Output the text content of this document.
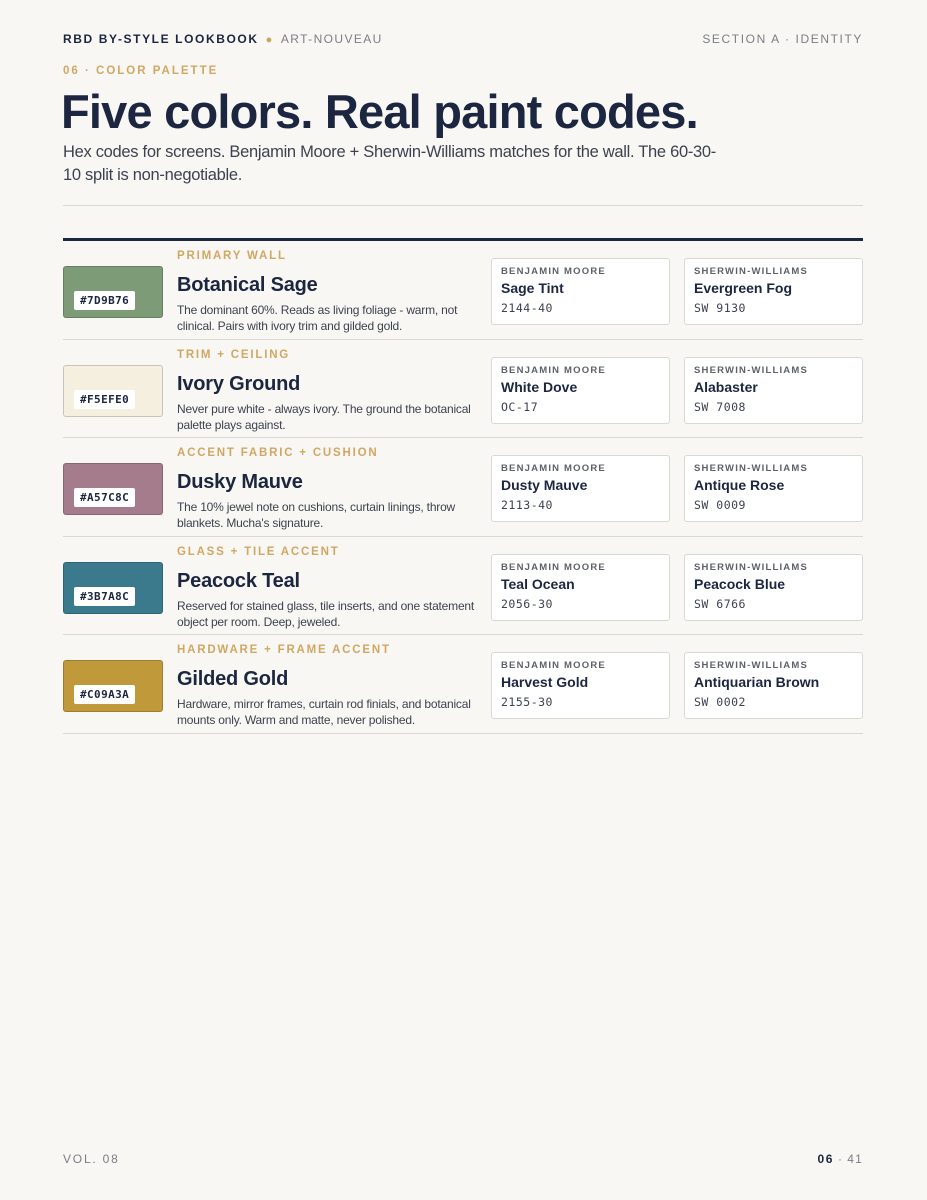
RBD BY-STYLE LOOKBOOK ● ART-NOUVEAU	SECTION A · IDENTITY
06 · COLOR PALETTE
Five colors. Real paint codes.

Hex codes for screens. Benjamin Moore + Sherwin-Williams matches for the wall. The 60-30-10 split is non-negotiable.

#7D9B76
PRIMARY WALL
Botanical Sage
The dominant 60%. Reads as living foliage - warm, not clinical. Pairs with ivory trim and gilded gold.
BENJAMIN MOORE
Sage Tint
2144-40
SHERWIN-WILLIAMS
Evergreen Fog
SW 9130
#F5EFE0
TRIM + CEILING
Ivory Ground
Never pure white - always ivory. The ground the botanical palette plays against.
BENJAMIN MOORE
White Dove
OC-17
SHERWIN-WILLIAMS
Alabaster
SW 7008
#A57C8C
ACCENT FABRIC + CUSHION
Dusky Mauve
The 10% jewel note on cushions, curtain linings, throw blankets. Mucha's signature.
BENJAMIN MOORE
Dusty Mauve
2113-40
SHERWIN-WILLIAMS
Antique Rose
SW 0009
#3B7A8C
GLASS + TILE ACCENT
Peacock Teal
Reserved for stained glass, tile inserts, and one statement object per room. Deep, jeweled.
BENJAMIN MOORE
Teal Ocean
2056-30
SHERWIN-WILLIAMS
Peacock Blue
SW 6766
#C09A3A
HARDWARE + FRAME ACCENT
Gilded Gold
Hardware, mirror frames, curtain rod finials, and botanical mounts only. Warm and matte, never polished.
BENJAMIN MOORE
Harvest Gold
2155-30
SHERWIN-WILLIAMS
Antiquarian Brown
SW 0002
VOL. 08	06 · 41
